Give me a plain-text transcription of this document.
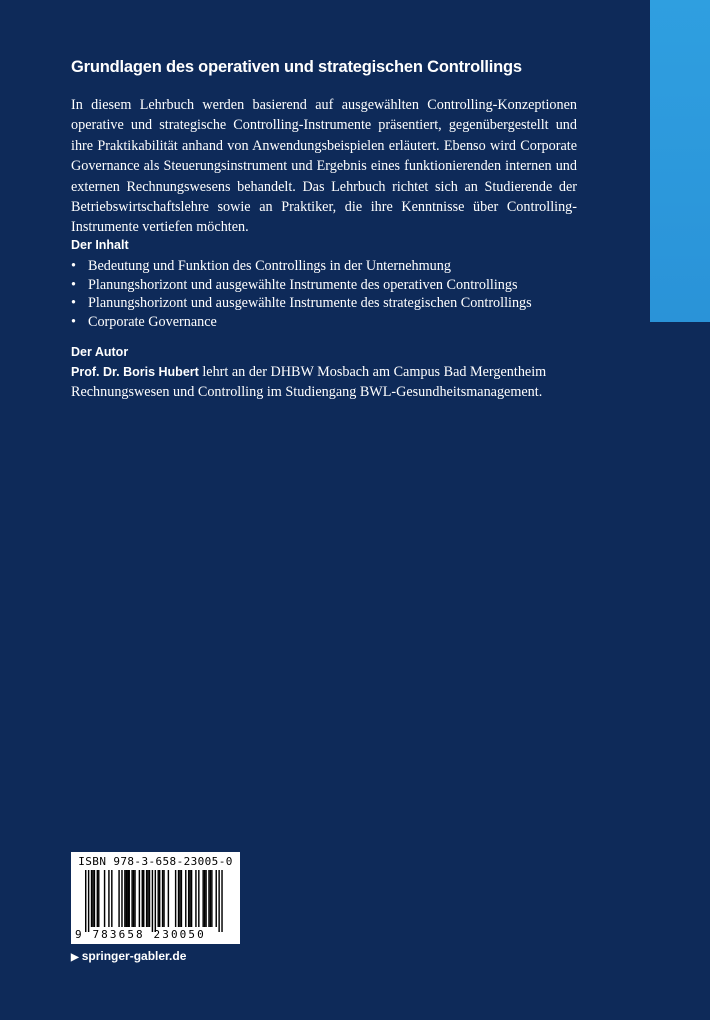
Grundlagen des operativen und strategischen Controllings

In diesem Lehrbuch werden basierend auf ausgewählten Controlling-Konzeptionen operative und strategische Controlling-Instrumente präsentiert, gegenübergestellt und ihre Praktikabilität anhand von Anwendungsbeispielen erläutert. Ebenso wird Corporate Governance als Steuerungsinstrument und Ergebnis eines funktionierenden internen und externen Rechnungswesens behandelt. Das Lehrbuch richtet sich an Studierende der Betriebswirtschaftslehre sowie an Praktiker, die ihre Kenntnisse über Controlling-Instrumente vertiefen möchten.

Der Inhalt
• Bedeutung und Funktion des Controllings in der Unternehmung
• Planungshorizont und ausgewählte Instrumente des operativen Controllings
• Planungshorizont und ausgewählte Instrumente des strategischen Controllings
• Corporate Governance
Der Autor

Prof. Dr. Boris Hubert lehrt an der DHBW Mosbach am Campus Bad Mergentheim Rechnungswesen und Controlling im Studiengang BWL-Gesundheitsmanagement.

ISBN 978-3-658-23005-0
9 783658 230050
▶ springer-gabler.de
